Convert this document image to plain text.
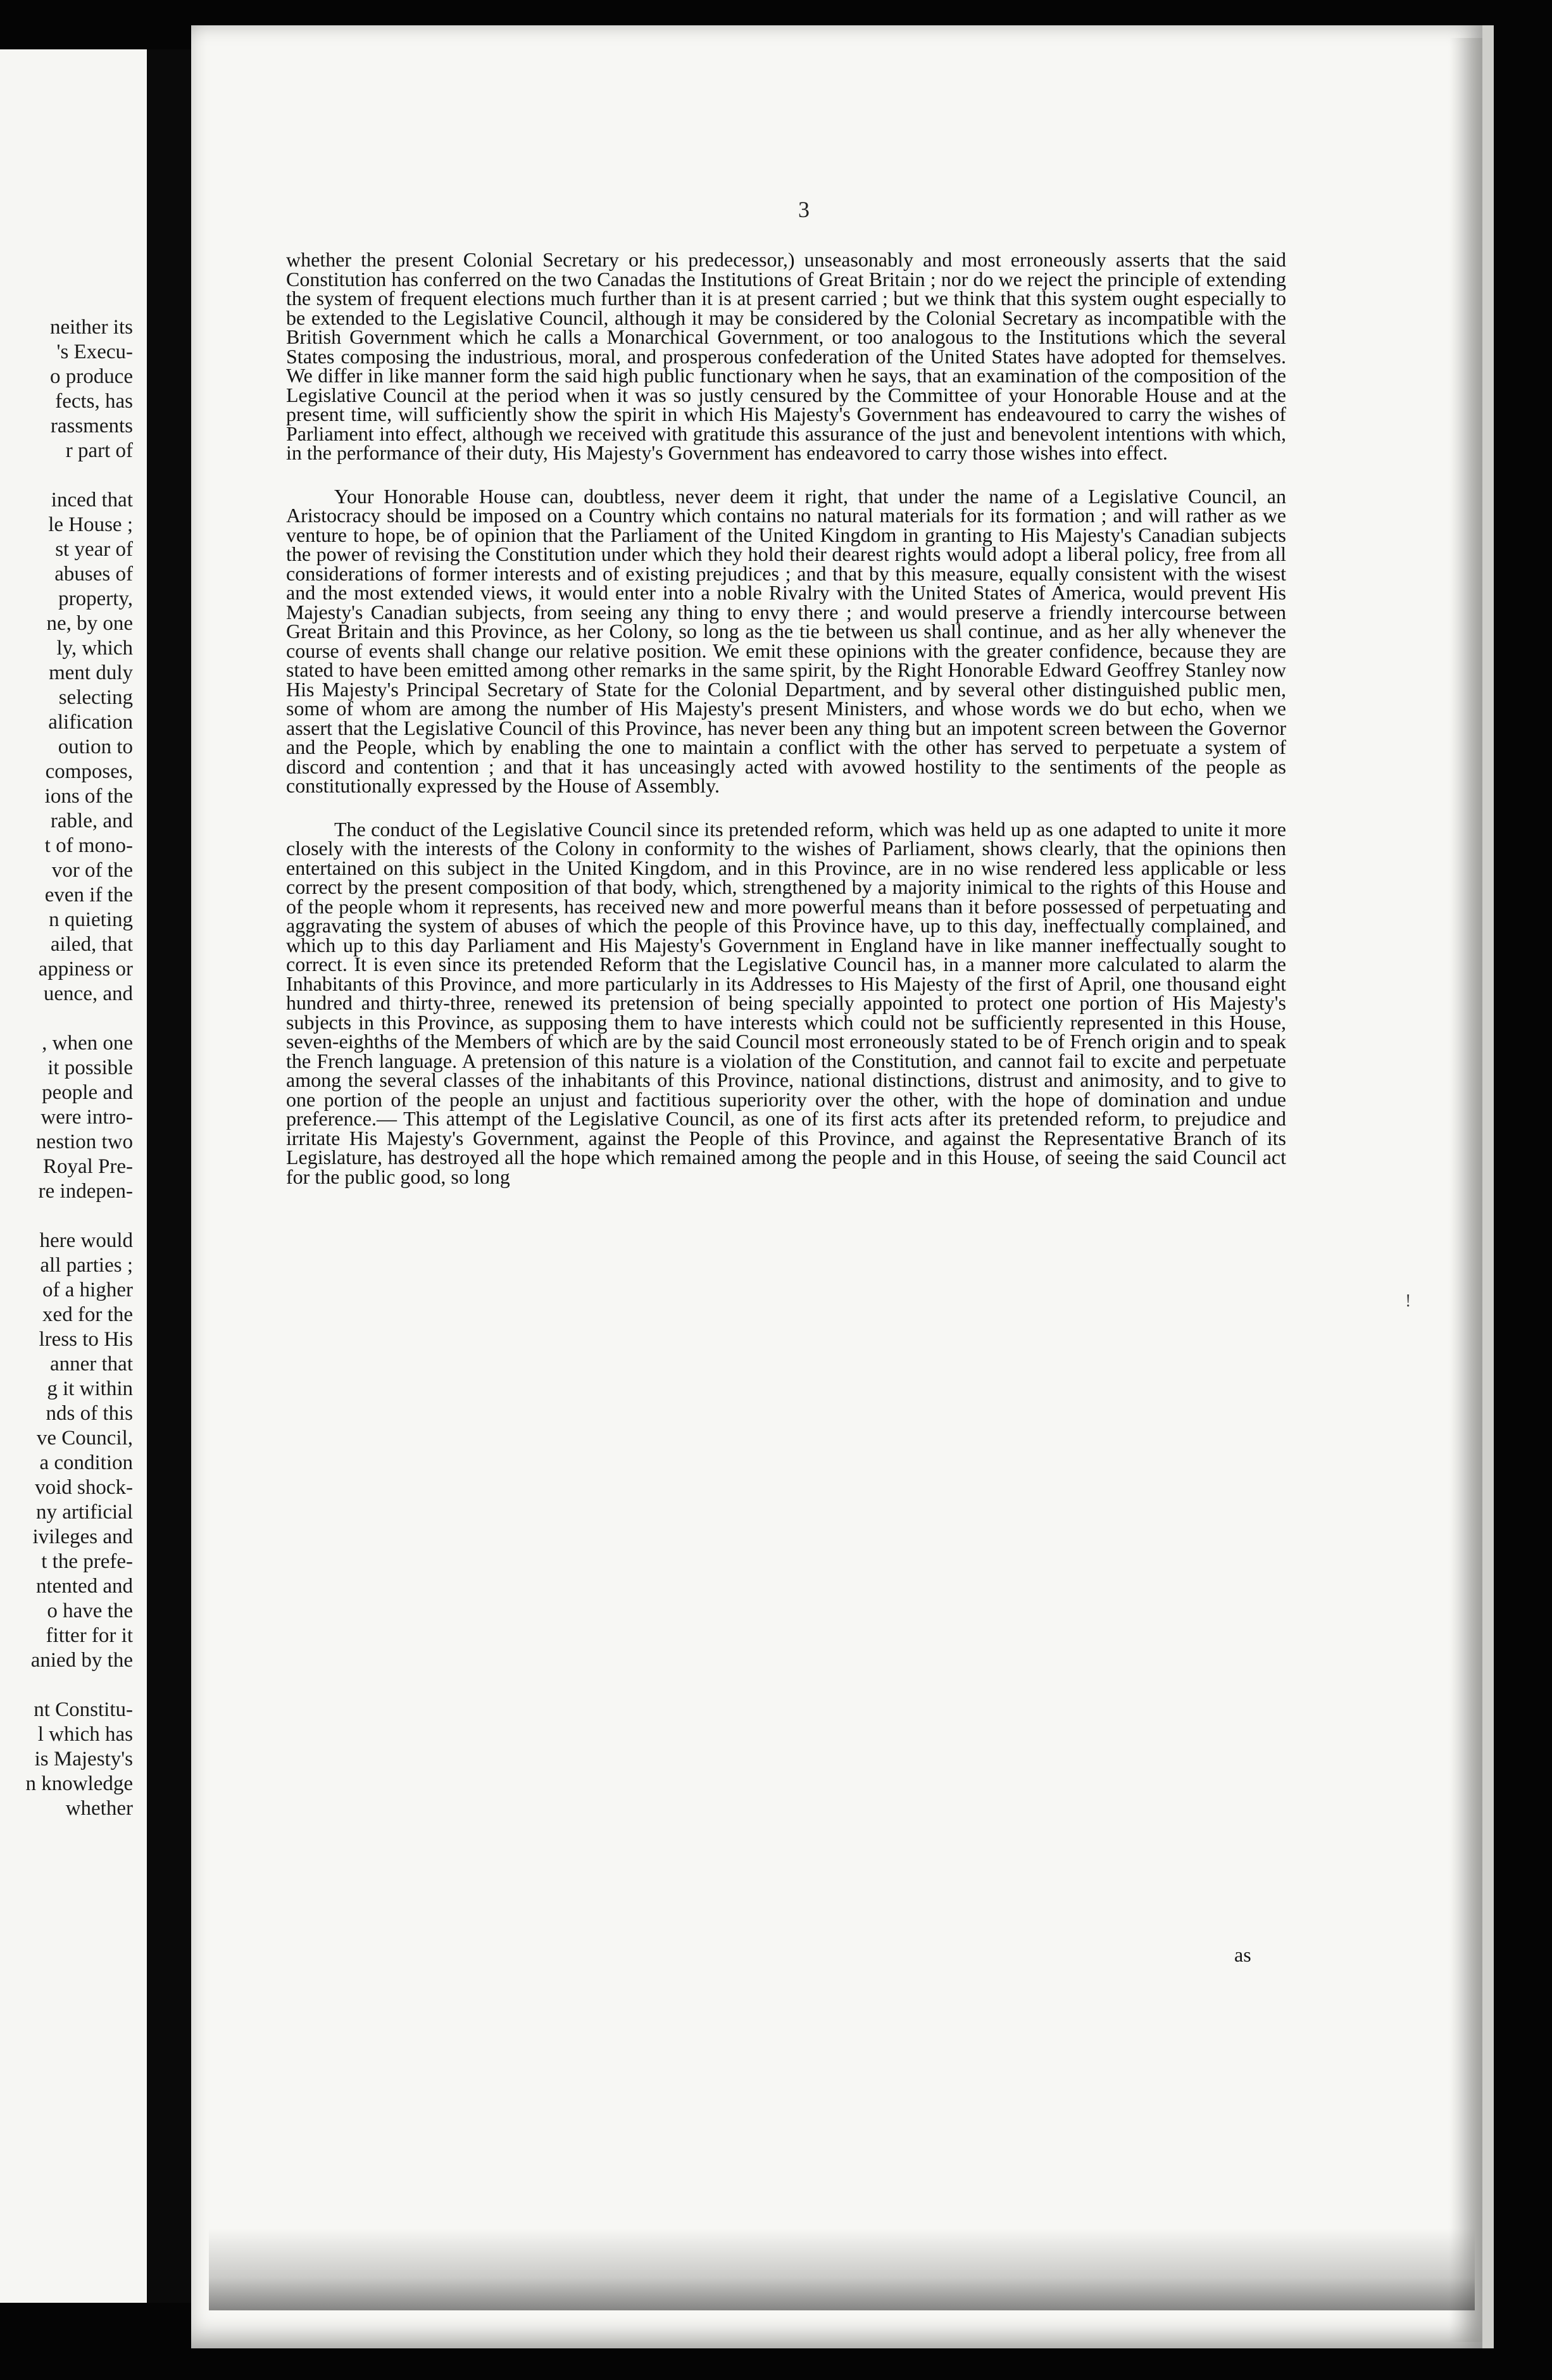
neither its
's Execu-
o produce
fects, has
rassments
r part of
inced that
le House ;
st year of
abuses of
property,
ne, by one
ly, which
ment duly
selecting
alification
oution to
composes,
ions of the
rable, and
t of mono-
vor of the
even if the
n quieting
ailed, that
appiness or
uence, and
, when one
it possible
people and
were intro-
nestion two
Royal Pre-
re indepen-
here would
all parties ;
of a higher
xed for the
lress to His
anner that
g it within
nds of this
ve Council,
a condition
void shock-
ny artificial
ivileges and
t the prefe-
ntented and
o have the
fitter for it
anied by the
nt Constitu-
l which has
is Majesty's
n knowledge
whether
3

whether the present Colonial Secretary or his predecessor,) unseasonably and most erroneously asserts that the said Constitution has conferred on the two Canadas the Institutions of Great Britain ; nor do we reject the principle of extending the system of frequent elections much further than it is at present carried ; but we think that this system ought especially to be extended to the Legislative Council, although it may be considered by the Colonial Secretary as incompatible with the British Government which he calls a Monarchical Government, or too analogous to the Institutions which the several States composing the industrious, moral, and prosperous confederation of the United States have adopted for themselves. We differ in like manner form the said high public functionary when he says, that an examination of the composition of the Legislative Council at the period when it was so justly censured by the Committee of your Honorable House and at the present time, will sufficiently show the spirit in which His Majesty's Government has endeavoured to carry the wishes of Parliament into effect, although we received with gratitude this assurance of the just and benevolent intentions with which, in the performance of their duty, His Majesty's Government has endeavored to carry those wishes into effect.

Your Honorable House can, doubtless, never deem it right, that under the name of a Legislative Council, an Aristocracy should be imposed on a Country which contains no natural materials for its formation ; and will rather as we venture to hope, be of opinion that the Parliament of the United Kingdom in granting to His Majesty's Canadian subjects the power of revising the Constitution under which they hold their dearest rights would adopt a liberal policy, free from all considerations of former interests and of existing prejudices ; and that by this measure, equally consistent with the wisest and the most extended views, it would enter into a noble Rivalry with the United States of America, would prevent His Majesty's Canadian subjects, from seeing any thing to envy there ; and would preserve a friendly intercourse between Great Britain and this Province, as her Colony, so long as the tie between us shall continue, and as her ally whenever the course of events shall change our relative position. We emit these opinions with the greater confidence, because they are stated to have been emitted among other remarks in the same spirit, by the Right Honorable Edward Geoffrey Stanley now His Majesty's Principal Secretary of State for the Colonial Department, and by several other distinguished public men, some of whom are among the number of His Majesty's present Ministers, and whose words we do but echo, when we assert that the Legislative Council of this Province, has never been any thing but an impotent screen between the Governor and the People, which by enabling the one to maintain a conflict with the other has served to perpetuate a system of discord and contention ; and that it has unceasingly acted with avowed hostility to the sentiments of the people as constitutionally expressed by the House of Assembly.

The conduct of the Legislative Council since its pretended reform, which was held up as one adapted to unite it more closely with the interests of the Colony in conformity to the wishes of Parliament, shows clearly, that the opinions then entertained on this subject in the United Kingdom, and in this Province, are in no wise rendered less applicable or less correct by the present composition of that body, which, strengthened by a majority inimical to the rights of this House and of the people whom it represents, has received new and more powerful means than it before possessed of perpetuating and aggravating the system of abuses of which the people of this Province have, up to this day, ineffectually complained, and which up to this day Parliament and His Majesty's Government in England have in like manner ineffectually sought to correct. It is even since its pretended Reform that the Legislative Council has, in a manner more calculated to alarm the Inhabitants of this Province, and more particularly in its Addresses to His Majesty of the first of April, one thousand eight hundred and thirty-three, renewed its pretension of being specially appointed to protect one portion of His Majesty's subjects in this Province, as supposing them to have interests which could not be sufficiently represented in this House, seven-eighths of the Members of which are by the said Council most erroneously stated to be of French origin and to speak the French language. A pretension of this nature is a violation of the Constitution, and cannot fail to excite and perpetuate among the several classes of the inhabitants of this Province, national distinctions, distrust and animosity, and to give to one portion of the people an unjust and factitious superiority over the other, with the hope of domination and undue preference.— This attempt of the Legislative Council, as one of its first acts after its pretended reform, to prejudice and irritate His Majesty's Government, against the People of this Province, and against the Representative Branch of its Legislature, has destroyed all the hope which remained among the people and in this House, of seeing the said Council act for the public good, so long

as
!
